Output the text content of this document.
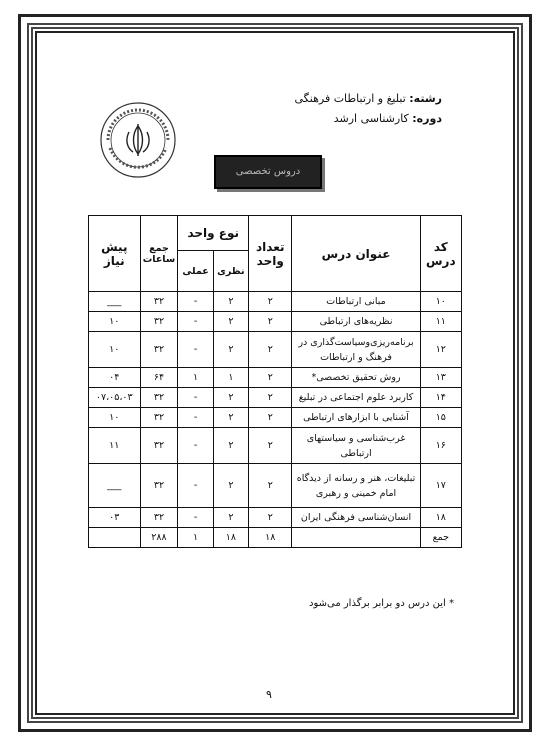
رشته: تبلیغ و ارتباطات فرهنگی
دوره: کارشناسی ارشد
دروس تخصصی
کد درس	عنوان درس	تعداد واحد	نوع واحد		جمع ساعات	پیش نیاز
			نظری	عملی		
۱۰	مبانی ارتباطات	۲	۲	-	۳۲	___
۱۱	نظریه‌های ارتباطی	۲	۲	-	۳۲	۱۰
۱۲	برنامه‌ریزی‌وسیاست‌گذاری در فرهنگ و ارتباطات	۲	۲	-	۳۲	۱۰
۱۳	روش تحقیق تخصصی*	۲	۱	۱	۶۴	۰۴
۱۴	کاربرد علوم اجتماعی در تبلیغ	۲	۲	-	۳۲	۰۷،۰۵،۰۳
۱۵	آشنایی با ابزارهای ارتباطی	۲	۲	-	۳۲	۱۰
۱۶	غرب‌شناسی و سیاستهای ارتباطی	۲	۲	-	۳۲	۱۱
۱۷	تبلیغات، هنر و رسانه از دیدگاه امام خمینی و رهبری	۲	۲	-	۳۲	___
۱۸	انسان‌شناسی فرهنگی ایران	۲	۲	-	۳۲	۰۳
جمع		۱۸	۱۸	۱	۲۸۸	
* این درس دو برابر برگذار می‌شود
۹
